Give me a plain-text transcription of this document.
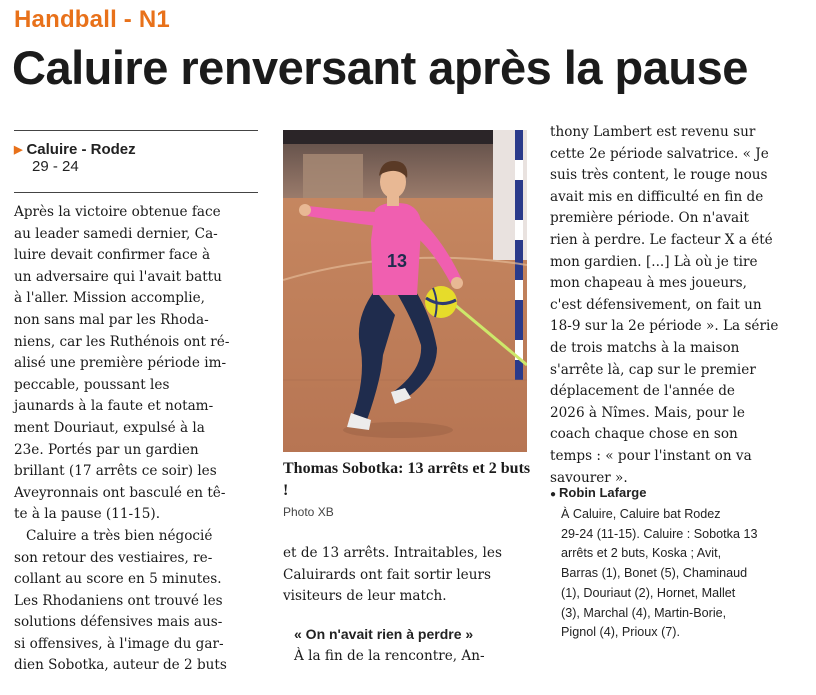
Handball - N1
Caluire renversant après la pause
▶ Caluire - Rodez
29 - 24

Après la victoire obtenue face
au leader samedi dernier, Ca-
luire devait confirmer face à
un adversaire qui l'avait battu
à l'aller. Mission accomplie,
non sans mal par les Rhoda-
niens, car les Ruthénois ont ré-
alisé une première période im-
peccable, poussant les
jaunards à la faute et notam-
ment Douriaut, expulsé à la
23e. Portés par un gardien
brillant (17 arrêts ce soir) les
Aveyronnais ont basculé en tê-
te à la pause (11-15).

Caluire a très bien négocié
son retour des vestiaires, re-
collant au score en 5 minutes.
Les Rhodaniens ont trouvé les
solutions défensives mais aus-
si offensives, à l'image du gar-
dien Sobotka, auteur de 2 buts

13
Thomas Sobotka: 13 arrêts et 2 buts !
Photo XB
et de 13 arrêts. Intraitables, les
Caluirards ont fait sortir leurs
visiteurs de leur match.
« On n'avait rien à perdre »
À la fin de la rencontre, An-
thony Lambert est revenu sur
cette 2e période salvatrice. « Je
suis très content, le rouge nous
avait mis en difficulté en fin de
première période. On n'avait
rien à perdre. Le facteur X a été
mon gardien. [...] Là où je tire
mon chapeau à mes joueurs,
c'est défensivement, on fait un
18-9 sur la 2e période ». La série
de trois matchs à la maison
s'arrête là, cap sur le premier
déplacement de l'année de
2026 à Nîmes. Mais, pour le
coach chaque chose en son
temps : « pour l'instant on va
savourer ».
● Robin Lafarge
À Caluire, Caluire bat Rodez
29-24 (11-15). Caluire : Sobotka 13
arrêts et 2 buts, Koska ; Avit,
Barras (1), Bonet (5), Chaminaud
(1), Douriaut (2), Hornet, Mallet
(3), Marchal (4), Martin-Borie,
Pignol (4), Prioux (7).
